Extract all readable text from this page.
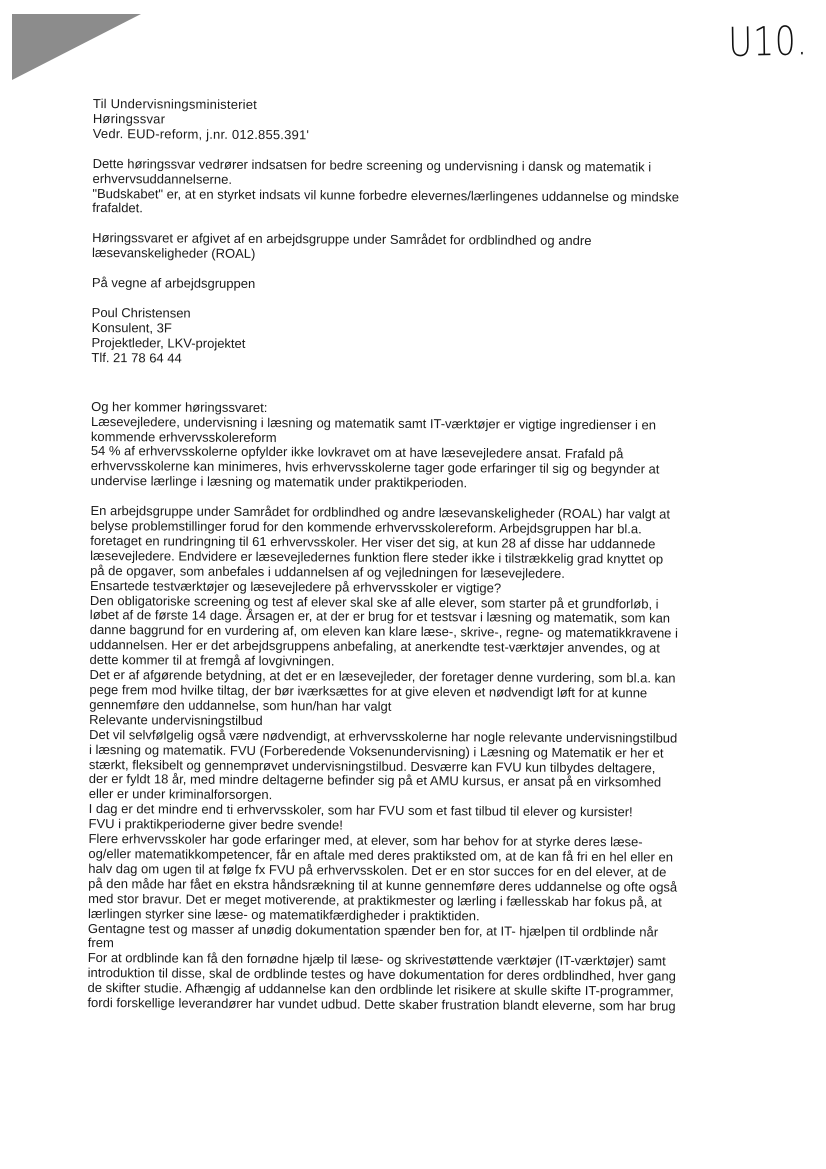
U10.

Til Undervisningsministeriet

Høringssvar

Vedr. EUD-reform, j.nr. 012.855.391'

Dette høringssvar vedrører indsatsen for bedre screening og undervisning i dansk og matematik i

erhvervsuddannelserne.

"Budskabet" er, at en styrket indsats vil kunne forbedre elevernes/lærlingenes uddannelse og mindske

frafaldet.

Høringssvaret er afgivet af en arbejdsgruppe under Samrådet for ordblindhed og andre

læsevanskeligheder (ROAL)

På vegne af arbejdsgruppen

Poul Christensen

Konsulent, 3F

Projektleder, LKV-projektet

Tlf. 21 78 64 44

Og her kommer høringssvaret:

Læsevejledere, undervisning i læsning og matematik samt IT-værktøjer er vigtige ingredienser i en

kommende erhvervsskolereform

54 % af erhvervsskolerne opfylder ikke lovkravet om at have læsevejledere ansat. Frafald på

erhvervsskolerne kan minimeres, hvis erhvervsskolerne tager gode erfaringer til sig og begynder at

undervise lærlinge i læsning og matematik under praktikperioden.

En arbejdsgruppe under Samrådet for ordblindhed og andre læsevanskeligheder (ROAL) har valgt at

belyse problemstillinger forud for den kommende erhvervsskolereform. Arbejdsgruppen har bl.a.

foretaget en rundringning til 61 erhvervsskoler. Her viser det sig, at kun 28 af disse har uddannede

læsevejledere. Endvidere er læsevejledernes funktion flere steder ikke i tilstrækkelig grad knyttet op

på de opgaver, som anbefales i uddannelsen af og vejledningen for læsevejledere.

Ensartede testværktøjer og læsevejledere på erhvervsskoler er vigtige?

Den obligatoriske screening og test af elever skal ske af alle elever, som starter på et grundforløb, i

løbet af de første 14 dage. Årsagen er, at der er brug for et testsvar i læsning og matematik, som kan

danne baggrund for en vurdering af, om eleven kan klare læse-, skrive-, regne- og matematikkravene i

uddannelsen. Her er det arbejdsgruppens anbefaling, at anerkendte test-værktøjer anvendes, og at

dette kommer til at fremgå af lovgivningen.

Det er af afgørende betydning, at det er en læsevejleder, der foretager denne vurdering, som bl.a. kan

pege frem mod hvilke tiltag, der bør iværksættes for at give eleven et nødvendigt løft for at kunne

gennemføre den uddannelse, som hun/han har valgt

Relevante undervisningstilbud

Det vil selvfølgelig også være nødvendigt, at erhvervsskolerne har nogle relevante undervisningstilbud

i læsning og matematik. FVU (Forberedende Voksenundervisning) i Læsning og Matematik er her et

stærkt, fleksibelt og gennemprøvet undervisningstilbud. Desværre kan FVU kun tilbydes deltagere,

der er fyldt 18 år, med mindre deltagerne befinder sig på et AMU kursus, er ansat på en virksomhed

eller er under kriminalforsorgen.

I dag er det mindre end ti erhvervsskoler, som har FVU som et fast tilbud til elever og kursister!

FVU i praktikperioderne giver bedre svende!

Flere erhvervsskoler har gode erfaringer med, at elever, som har behov for at styrke deres læse-

og/eller matematikkompetencer, får en aftale med deres praktiksted om, at de kan få fri en hel eller en

halv dag om ugen til at følge fx FVU på erhvervsskolen. Det er en stor succes for en del elever, at de

på den måde har fået en ekstra håndsrækning til at kunne gennemføre deres uddannelse og ofte også

med stor bravur. Det er meget motiverende, at praktikmester og lærling i fællesskab har fokus på, at

lærlingen styrker sine læse- og matematikfærdigheder i praktiktiden.

Gentagne test og masser af unødig dokumentation spænder ben for, at IT- hjælpen til ordblinde når

frem

For at ordblinde kan få den fornødne hjælp til læse- og skrivestøttende værktøjer (IT-værktøjer) samt

introduktion til disse, skal de ordblinde testes og have dokumentation for deres ordblindhed, hver gang

de skifter studie. Afhængig af uddannelse kan den ordblinde let risikere at skulle skifte IT-programmer,

fordi forskellige leverandører har vundet udbud. Dette skaber frustration blandt eleverne, som har brug
